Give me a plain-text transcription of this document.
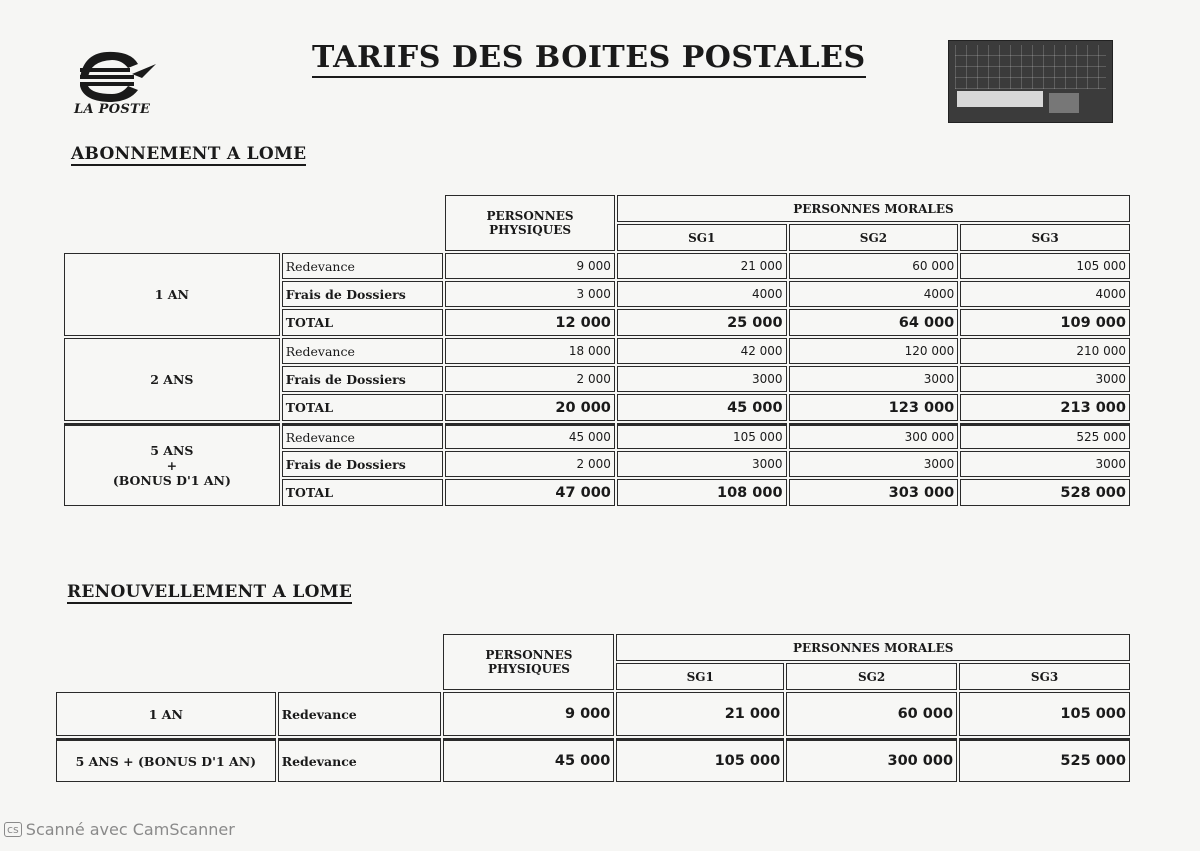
LA POSTE
TARIFS DES BOITES POSTALES
ABONNEMENT A LOME
		PERSONNES PHYSIQUES	PERSONNES MORALES		
			SG1	SG2	SG3
1 AN	Redevance	9 000	21 000	60 000	105 000
	Frais de Dossiers	3 000	4000	4000	4000
	TOTAL	12 000	25 000	64 000	109 000
2 ANS	Redevance	18 000	42 000	120 000	210 000
	Frais de Dossiers	2 000	3000	3000	3000
	TOTAL	20 000	45 000	123 000	213 000

5 ANS
+
(BONUS D'1 AN)	Redevance	45 000	105 000	300 000	525 000
	Frais de Dossiers	2 000	3000	3000	3000
	TOTAL	47 000	108 000	303 000	528 000
RENOUVELLEMENT A LOME
		PERSONNES PHYSIQUES	PERSONNES MORALES		
			SG1	SG2	SG3
1 AN	Redevance	9 000	21 000	60 000	105 000
5 ANS + (BONUS D'1 AN)	Redevance	45 000	105 000	300 000	525 000
cs Scanné avec CamScanner
